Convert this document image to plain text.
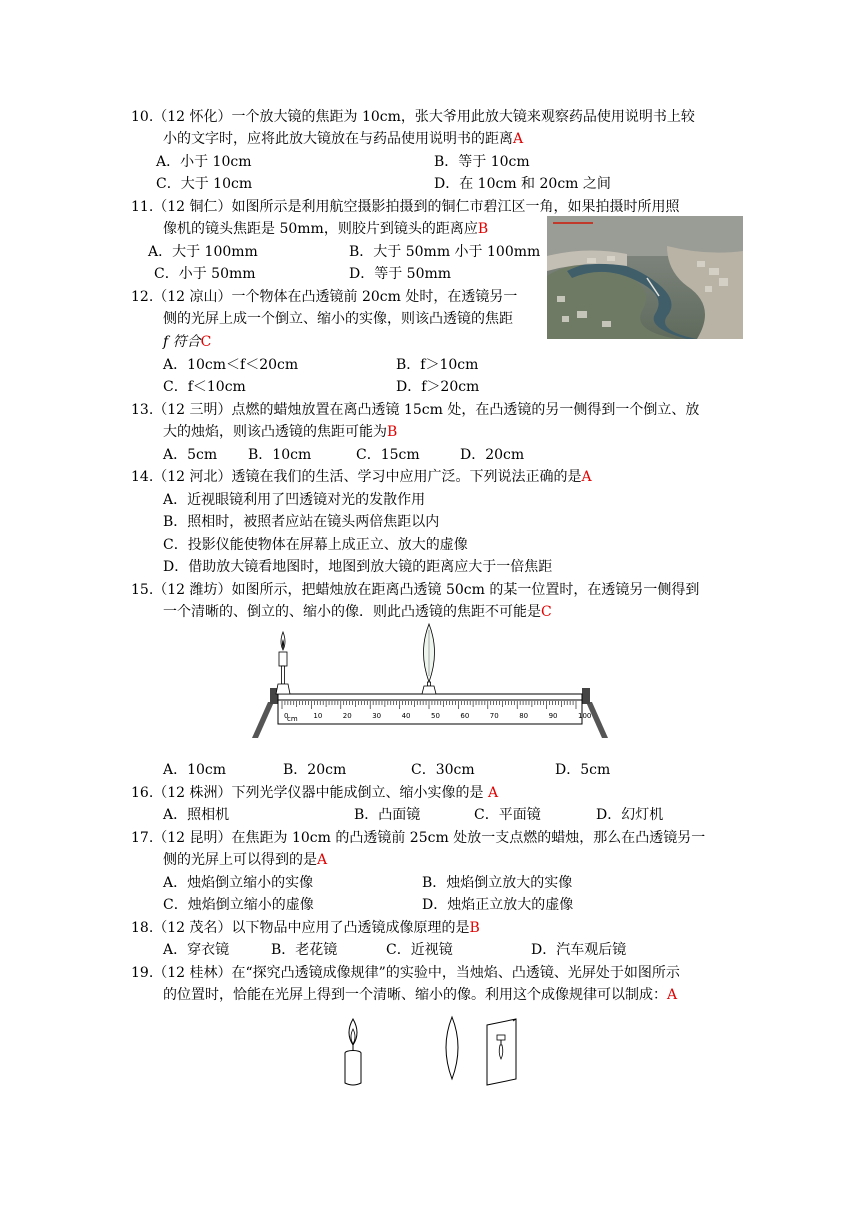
10.（12 怀化）一个放大镜的焦距为 10cm，张大爷用此放大镜来观察药品使用说明书上较
小的文字时，应将此放大镜放在与药品使用说明书的距离A
A．小于 10cm	B．等于 10cm
C．大于 10cm	D．在 10cm 和 20cm 之间
11.（12 铜仁）如图所示是利用航空摄影拍摄到的铜仁市碧江区一角，如果拍摄时所用照
像机的镜头焦距是 50mm，则胶片到镜头的距离应B
A．大于 100mm	B．大于 50mm 小于 100mm
C．小于 50mm	D．等于 50mm
12.（12 凉山）一个物体在凸透镜前 20cm 处时，在透镜另一
侧的光屏上成一个倒立、缩小的实像，则该凸透镜的焦距
f 符合C
A．10cm＜f＜20cm	B．f＞10cm
C．f＜10cm	D．f＞20cm
13.（12 三明）点燃的蜡烛放置在离凸透镜 15cm 处，在凸透镜的另一侧得到一个倒立、放
大的烛焰，则该凸透镜的焦距可能为B
A．5cm B．10cm	C．15cm	D．20cm
14.（12 河北）透镜在我们的生活、学习中应用广泛。下列说法正确的是A
A．近视眼镜利用了凹透镜对光的发散作用
B．照相时，被照者应站在镜头两倍焦距以内
C．投影仪能使物体在屏幕上成正立、放大的虚像
D．借助放大镜看地图时，地图到放大镜的距离应大于一倍焦距
15.（12 潍坊）如图所示，把蜡烛放在距离凸透镜 50cm 的某一位置时，在透镜另一侧得到
一个清晰的、倒立的、缩小的像．则此凸透镜的焦距不可能是C
0	10	20	30	40	50	60	70	80	90	100
cm
A．10cm	B．20cm	C．30cm	D．5cm
16.（12 株洲）下列光学仪器中能成倒立、缩小实像的是 A
A．照相机	B．凸面镜	C．平面镜	D．幻灯机
17.（12 昆明）在焦距为 10cm 的凸透镜前 25cm 处放一支点燃的蜡烛，那么在凸透镜另一
侧的光屏上可以得到的是A
A．烛焰倒立缩小的实像	B．烛焰倒立放大的实像
C．烛焰倒立缩小的虚像	D．烛焰正立放大的虚像
18.（12 茂名）以下物品中应用了凸透镜成像原理的是B
A．穿衣镜	B．老花镜	C．近视镜	D．汽车观后镜
19.（12 桂林）在“探究凸透镜成像规律”的实验中，当烛焰、凸透镜、光屏处于如图所示
的位置时，恰能在光屏上得到一个清晰、缩小的像。利用这个成像规律可以制成：A
